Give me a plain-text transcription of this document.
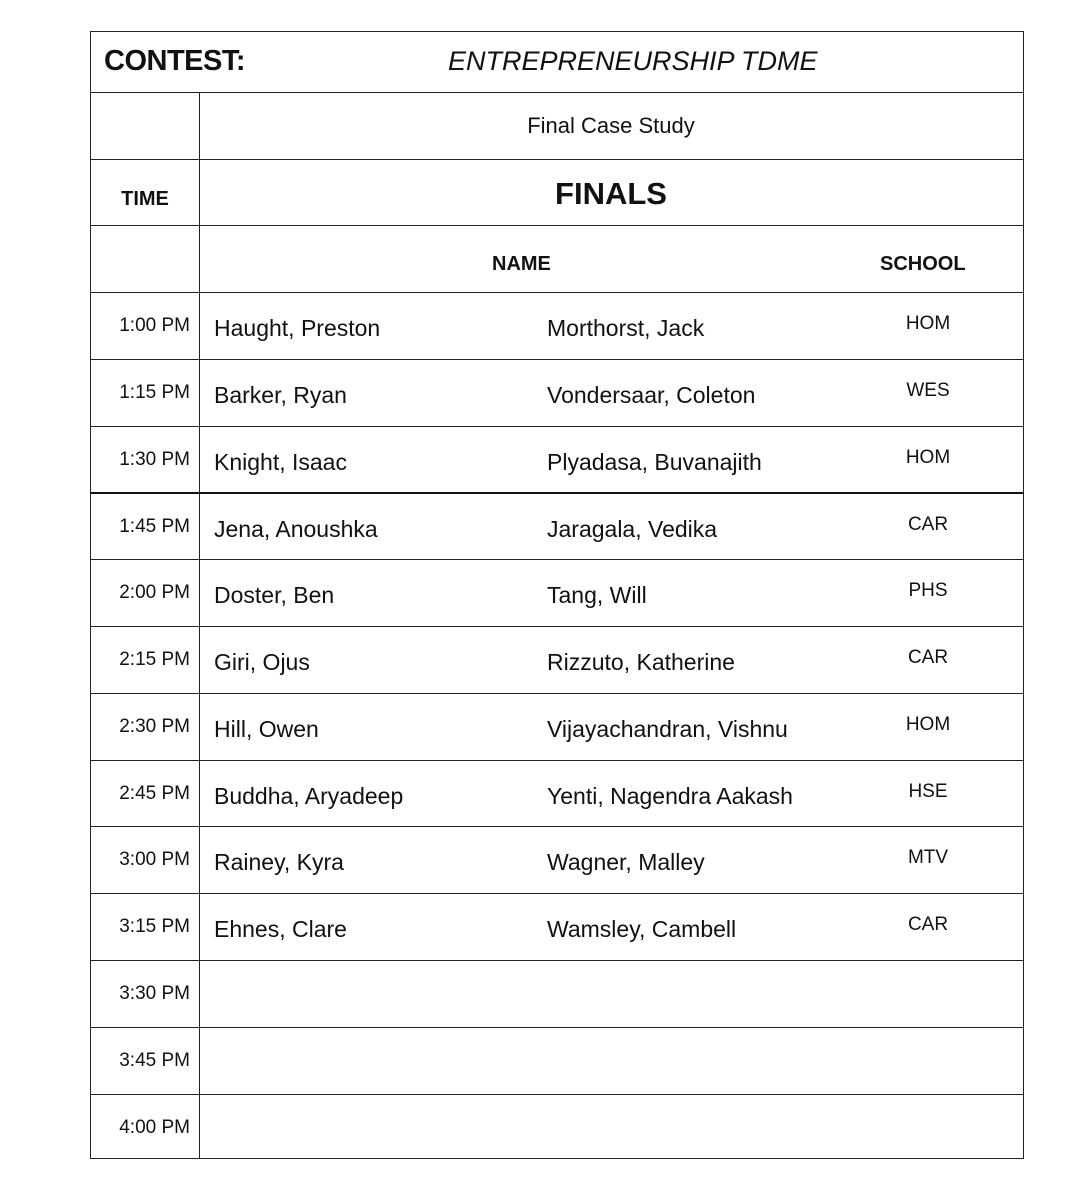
CONTEST:	ENTREPRENEURSHIP TDME
Final Case Study
TIME	FINALS
NAME	SCHOOL
1:00 PM Haught, Preston	Morthorst, Jack	HOM
1:15 PM Barker, Ryan	Vondersaar, Coleton	WES
1:30 PM Knight, Isaac	Plyadasa, Buvanajith	HOM
1:45 PM Jena, Anoushka	Jaragala, Vedika	CAR
2:00 PM Doster, Ben	Tang, Will	PHS
2:15 PM Giri, Ojus	Rizzuto, Katherine	CAR
2:30 PM Hill, Owen	Vijayachandran, Vishnu	HOM
2:45 PM Buddha, Aryadeep	Yenti, Nagendra Aakash	HSE
3:00 PM Rainey, Kyra	Wagner, Malley	MTV
3:15 PM Ehnes, Clare	Wamsley, Cambell	CAR
3:30 PM
3:45 PM
4:00 PM
